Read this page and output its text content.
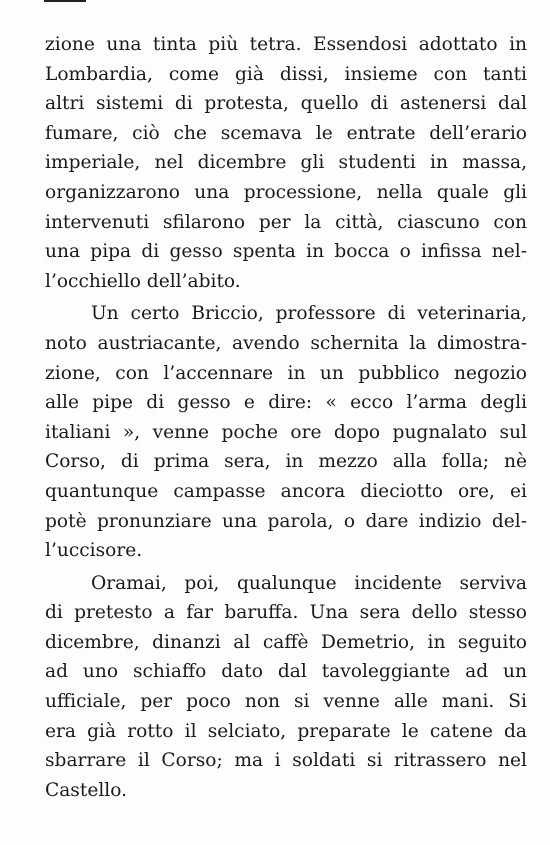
zione una tinta più tetra. Essendosi adottato in
Lombardia, come già dissi, insieme con tanti
altri sistemi di protesta, quello di astenersi dal
fumare, ciò che scemava le entrate dell’erario
imperiale, nel dicembre gli studenti in massa,
organizzarono una processione, nella quale gli
intervenuti sfilarono per la città, ciascuno con
una pipa di gesso spenta in bocca o infissa nel-
l’occhiello dell’abito.
Un certo Briccio, professore di veterinaria,
noto austriacante, avendo schernita la dimostra-
zione, con l’accennare in un pubblico negozio
alle pipe di gesso e dire: « ecco l’arma degli
italiani », venne poche ore dopo pugnalato sul
Corso, di prima sera, in mezzo alla folla; nè
quantunque campasse ancora dieciotto ore, ei
potè pronunziare una parola, o dare indizio del-
l’uccisore.
Oramai, poi, qualunque incidente serviva
di pretesto a far baruffa. Una sera dello stesso
dicembre, dinanzi al caffè Demetrio, in seguito
ad uno schiaffo dato dal tavoleggiante ad un
ufficiale, per poco non si venne alle mani. Si
era già rotto il selciato, preparate le catene da
sbarrare il Corso; ma i soldati si ritrassero nel
Castello.
